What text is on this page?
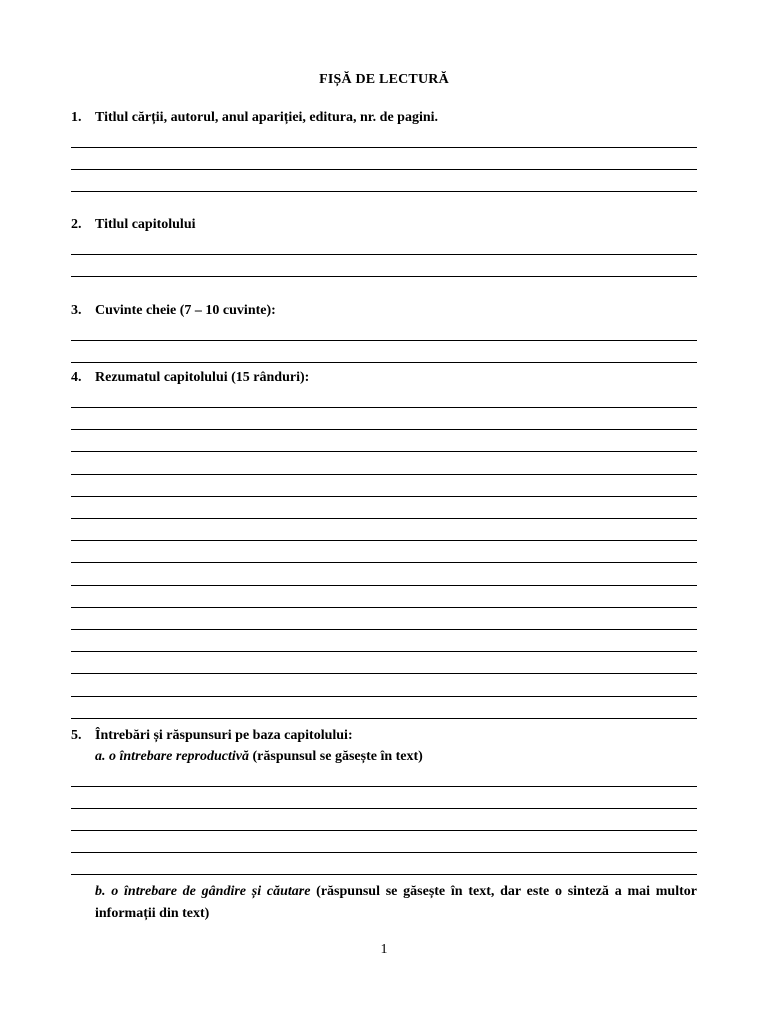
FIȘĂ DE LECTURĂ
1. Titlul cărții, autorul, anul apariției, editura, nr. de pagini.
2. Titlul capitolului
3. Cuvinte cheie (7 – 10 cuvinte):
4. Rezumatul capitolului (15 rânduri):
5. Întrebări și răspunsuri pe baza capitolului:
a. o întrebare reproductivă (răspunsul se găsește în text)
b. o întrebare de gândire și căutare (răspunsul se găsește în text, dar este o sinteză a mai multor informații din text)
1
